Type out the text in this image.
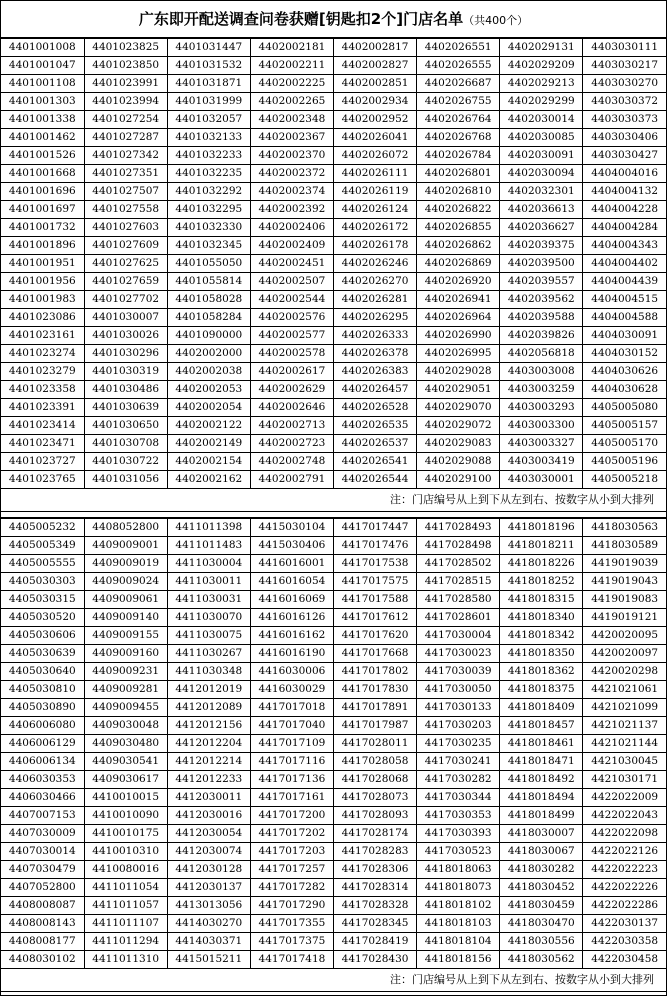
广东即开配送调查问卷获赠[钥匙扣2个]门店名单（共400个）
4401001008	4401023825	4401031447	4402002181	4402002817	4402026551	4402029131	4403030111
4401001047	4401023850	4401031532	4402002211	4402002827	4402026555	4402029209	4403030217
4401001108	4401023991	4401031871	4402002225	4402002851	4402026687	4402029213	4403030270
4401001303	4401023994	4401031999	4402002265	4402002934	4402026755	4402029299	4403030372
4401001338	4401027254	4401032057	4402002348	4402002952	4402026764	4402030014	4403030373
4401001462	4401027287	4401032133	4402002367	4402026041	4402026768	4402030085	4403030406
4401001526	4401027342	4401032233	4402002370	4402026072	4402026784	4402030091	4403030427
4401001668	4401027351	4401032235	4402002372	4402026111	4402026801	4402030094	4404004016
4401001696	4401027507	4401032292	4402002374	4402026119	4402026810	4402032301	4404004132
4401001697	4401027558	4401032295	4402002392	4402026124	4402026822	4402036613	4404004228
4401001732	4401027603	4401032330	4402002406	4402026172	4402026855	4402036627	4404004284
4401001896	4401027609	4401032345	4402002409	4402026178	4402026862	4402039375	4404004343
4401001951	4401027625	4401055050	4402002451	4402026246	4402026869	4402039500	4404004402
4401001956	4401027659	4401055814	4402002507	4402026270	4402026920	4402039557	4404004439
4401001983	4401027702	4401058028	4402002544	4402026281	4402026941	4402039562	4404004515
4401023086	4401030007	4401058284	4402002576	4402026295	4402026964	4402039588	4404004588
4401023161	4401030026	4401090000	4402002577	4402026333	4402026990	4402039826	4404030091
4401023274	4401030296	4402002000	4402002578	4402026378	4402026995	4402056818	4404030152
4401023279	4401030319	4402002038	4402002617	4402026383	4402029028	4403003008	4404030626
4401023358	4401030486	4402002053	4402002629	4402026457	4402029051	4403003259	4404030628
4401023391	4401030639	4402002054	4402002646	4402026528	4402029070	4403003293	4405005080
4401023414	4401030650	4402002122	4402002713	4402026535	4402029072	4403003300	4405005157
4401023471	4401030708	4402002149	4402002723	4402026537	4402029083	4403003327	4405005170
4401023727	4401030722	4402002154	4402002748	4402026541	4402029088	4403003419	4405005196
4401023765	4401031056	4402002162	4402002791	4402026544	4402029100	4403030001	4405005218
注：门店编号从上到下从左到右、按数字从小到大排列
4405005232	4408052800	4411011398	4415030104	4417017447	4417028493	4418018196	4418030563
4405005349	4409009001	4411011483	4415030406	4417017476	4417028498	4418018211	4418030589
4405005555	4409009019	4411030004	4416016001	4417017538	4417028502	4418018226	4419019039
4405030303	4409009024	4411030011	4416016054	4417017575	4417028515	4418018252	4419019043
4405030315	4409009061	4411030031	4416016069	4417017588	4417028580	4418018315	4419019083
4405030520	4409009140	4411030070	4416016126	4417017612	4417028601	4418018340	4419019121
4405030606	4409009155	4411030075	4416016162	4417017620	4417030004	4418018342	4420020095
4405030639	4409009160	4411030267	4416016190	4417017668	4417030023	4418018350	4420020097
4405030640	4409009231	4411030348	4416030006	4417017802	4417030039	4418018362	4420020298
4405030810	4409009281	4412012019	4416030029	4417017830	4417030050	4418018375	4421021061
4405030890	4409009455	4412012089	4417017018	4417017891	4417030133	4418018409	4421021099
4406006080	4409030048	4412012156	4417017040	4417017987	4417030203	4418018457	4421021137
4406006129	4409030480	4412012204	4417017109	4417028011	4417030235	4418018461	4421021144
4406006134	4409030541	4412012214	4417017116	4417028058	4417030241	4418018471	4421030045
4406030353	4409030617	4412012233	4417017136	4417028068	4417030282	4418018492	4421030171
4406030466	4410010015	4412030011	4417017161	4417028073	4417030344	4418018494	4422022009
4407007153	4410010090	4412030016	4417017200	4417028093	4417030353	4418018499	4422022043
4407030009	4410010175	4412030054	4417017202	4417028174	4417030393	4418030007	4422022098
4407030014	4410010310	4412030074	4417017203	4417028283	4417030523	4418030067	4422022126
4407030479	4410080016	4412030128	4417017257	4417028306	4418018063	4418030282	4422022223
4407052800	4411011054	4412030137	4417017282	4417028314	4418018073	4418030452	4422022226
4408008087	4411011057	4413013056	4417017290	4417028328	4418018102	4418030459	4422022286
4408008143	4411011107	4414030270	4417017355	4417028345	4418018103	4418030470	4422030137
4408008177	4411011294	4414030371	4417017375	4417028419	4418018104	4418030556	4422030358
4408030102	4411011310	4415015211	4417017418	4417028430	4418018156	4418030562	4422030458
注：门店编号从上到下从左到右、按数字从小到大排列
